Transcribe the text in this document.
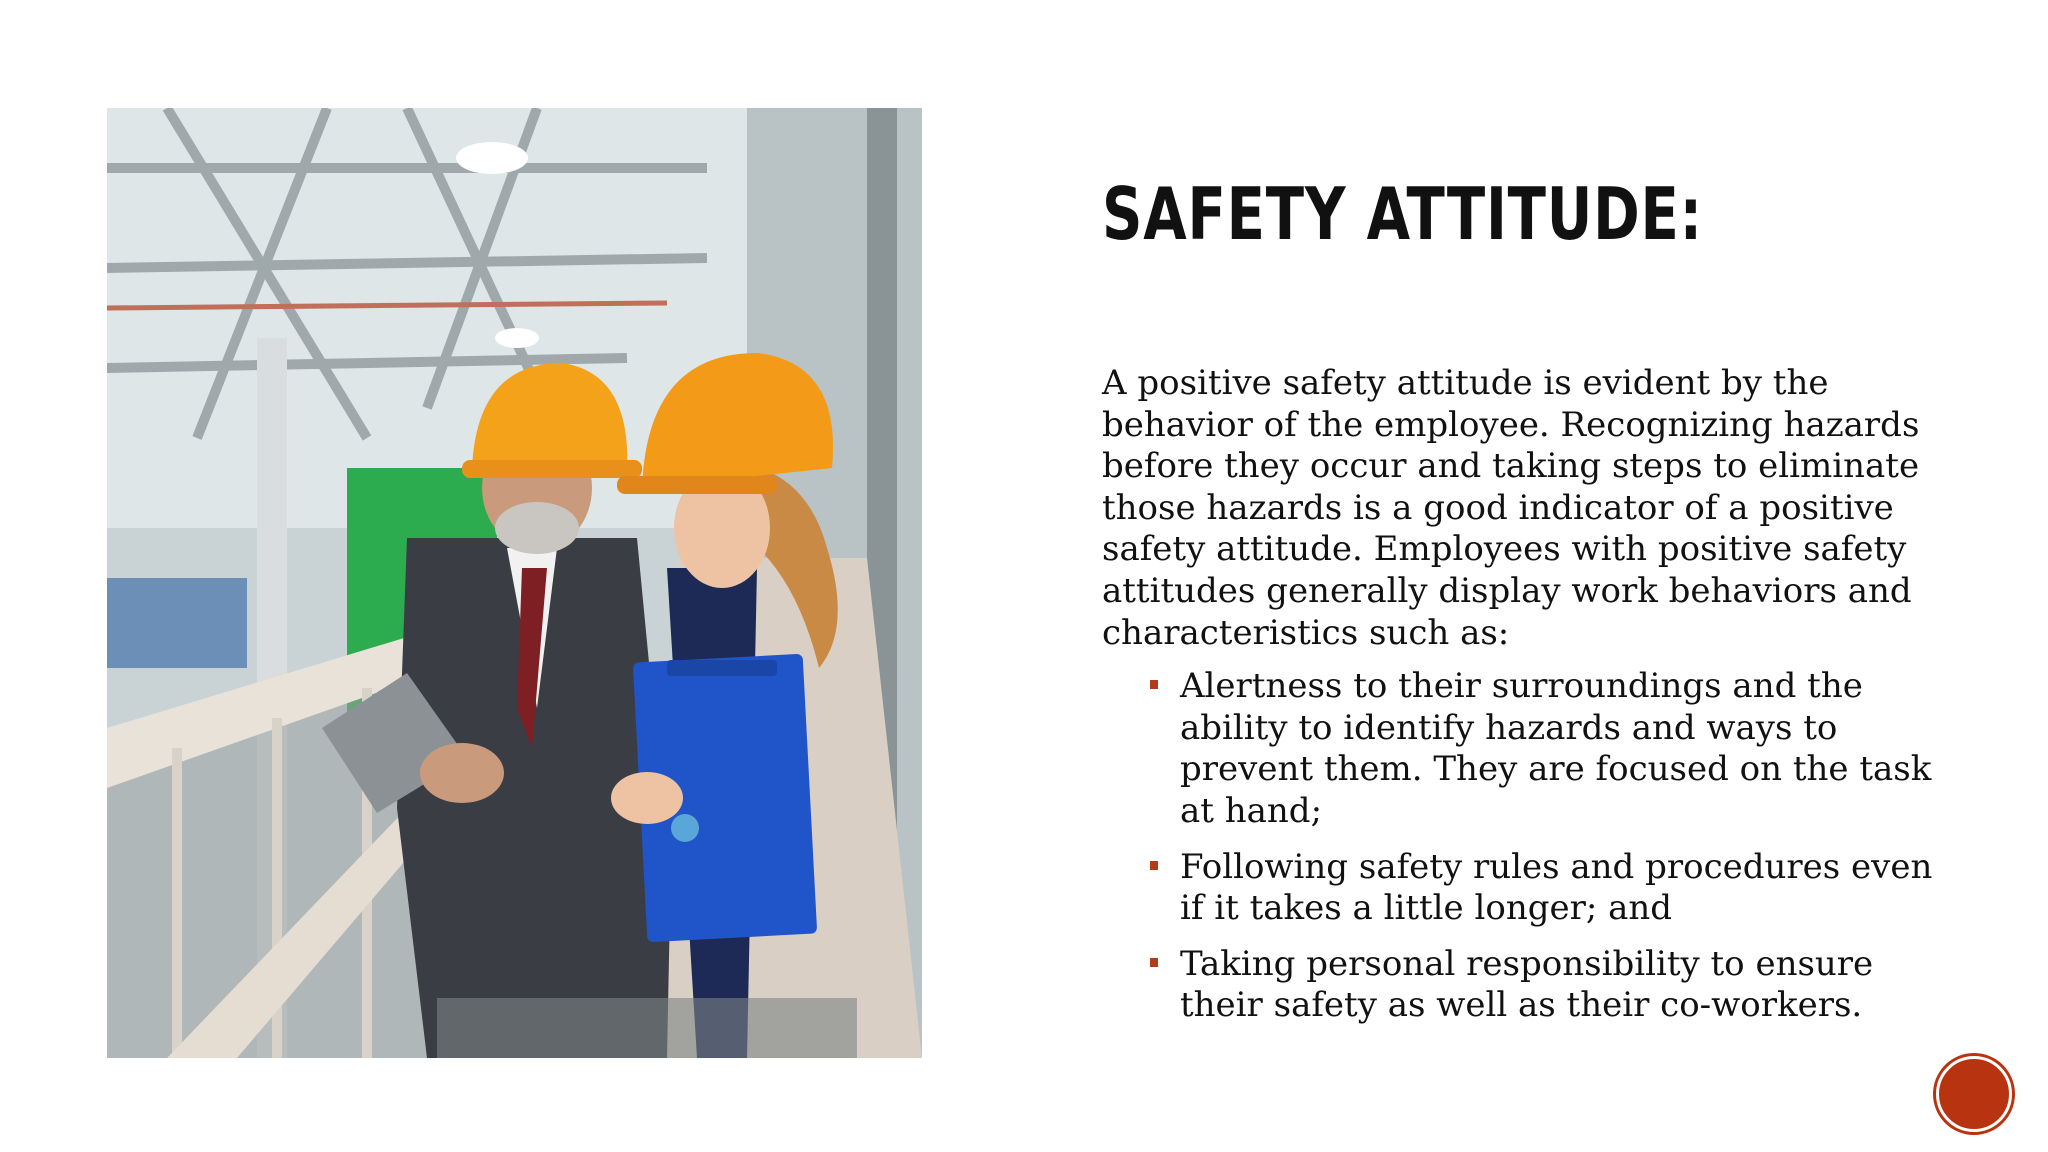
SAFETY ATTITUDE:

A positive safety attitude is evident by the behavior of the employee. Recognizing hazards before they occur and taking steps to eliminate those hazards is a good indicator of a positive safety attitude. Employees with positive safety attitudes generally display work behaviors and characteristics such as:

Alertness to their surroundings and the ability to identify hazards and ways to prevent them. They are focused on the task at hand;
Following safety rules and procedures even if it takes a little longer; and
Taking personal responsibility to ensure their safety as well as their co-workers.
